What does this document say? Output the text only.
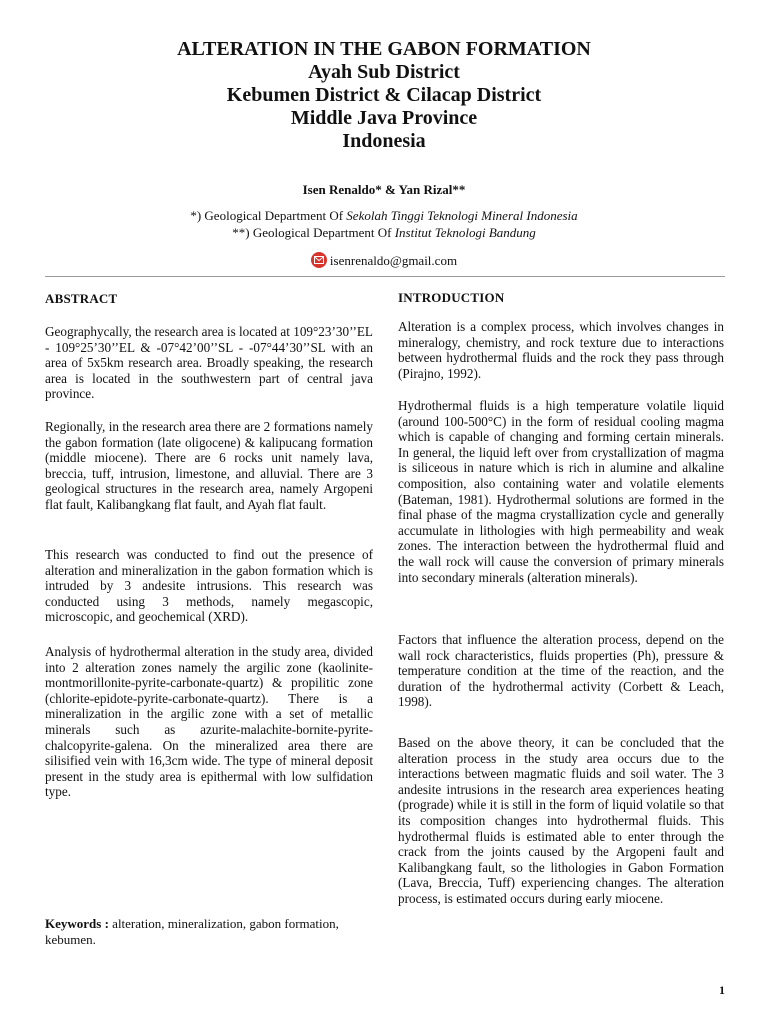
ALTERATION IN THE GABON FORMATION

Ayah Sub District

Kebumen District & Cilacap District

Middle Java Province

Indonesia

Isen Renaldo* & Yan Rizal**
*) Geological Department Of Sekolah Tinggi Teknologi Mineral Indonesia
**) Geological Department Of Institut Teknologi Bandung
isenrenaldo@gmail.com
ABSTRACT

Geographycally, the research area is located at 109°23’30’’EL - 109°25’30’’EL & -07°42’00’’SL - -07°44’30’’SL with an area of 5x5km research area. Broadly speaking, the research area is located in the southwestern part of central java province.

Regionally, in the research area there are 2 formations namely the gabon formation (late oligocene) & kalipucang formation (middle miocene). There are 6 rocks unit namely lava, breccia, tuff, intrusion, limestone, and alluvial. There are 3 geological structures in the research area, namely Argopeni flat fault, Kalibangkang flat fault, and Ayah flat fault.

This research was conducted to find out the presence of alteration and mineralization in the gabon formation which is intruded by 3 andesite intrusions. This research was conducted using 3 methods, namely megascopic, microscopic, and geochemical (XRD).

Analysis of hydrothermal alteration in the study area, divided into 2 alteration zones namely the argilic zone (kaolinite-montmorillonite-pyrite-carbonate-quartz) & propilitic zone (chlorite-epidote-pyrite-carbonate-quartz). There is a mineralization in the argilic zone with a set of metallic minerals such as azurite-malachite-bornite-pyrite-chalcopyrite-galena. On the mineralized area there are silisified vein with 16,3cm wide. The type of mineral deposit present in the study area is epithermal with low sulfidation type.

Keywords : alteration, mineralization, gabon formation, kebumen.
INTRODUCTION

Alteration is a complex process, which involves changes in mineralogy, chemistry, and rock texture due to interactions between hydrothermal fluids and the rock they pass through (Pirajno, 1992).

Hydrothermal fluids is a high temperature volatile liquid (around 100-500°C) in the form of residual cooling magma which is capable of changing and forming certain minerals. In general, the liquid left over from crystallization of magma is siliceous in nature which is rich in alumine and alkaline composition, also containing water and volatile elements (Bateman, 1981). Hydrothermal solutions are formed in the final phase of the magma crystallization cycle and generally accumulate in lithologies with high permeability and weak zones. The interaction between the hydrothermal fluid and the wall rock will cause the conversion of primary minerals into secondary minerals (alteration minerals).

Factors that influence the alteration process, depend on the wall rock characteristics, fluids properties (Ph), pressure & temperature condition at the time of the reaction, and the duration of the hydrothermal activity (Corbett & Leach, 1998).

Based on the above theory, it can be concluded that the alteration process in the study area occurs due to the interactions between magmatic fluids and soil water. The 3 andesite intrusions in the research area experiences heating (prograde) while it is still in the form of liquid volatile so that its composition changes into hydrothermal fluids. This hydrothermal fluids is estimated able to enter through the crack from the joints caused by the Argopeni fault and Kalibangkang fault, so the lithologies in Gabon Formation (Lava, Breccia, Tuff) experiencing changes. The alteration process, is estimated occurs during early miocene.

1
